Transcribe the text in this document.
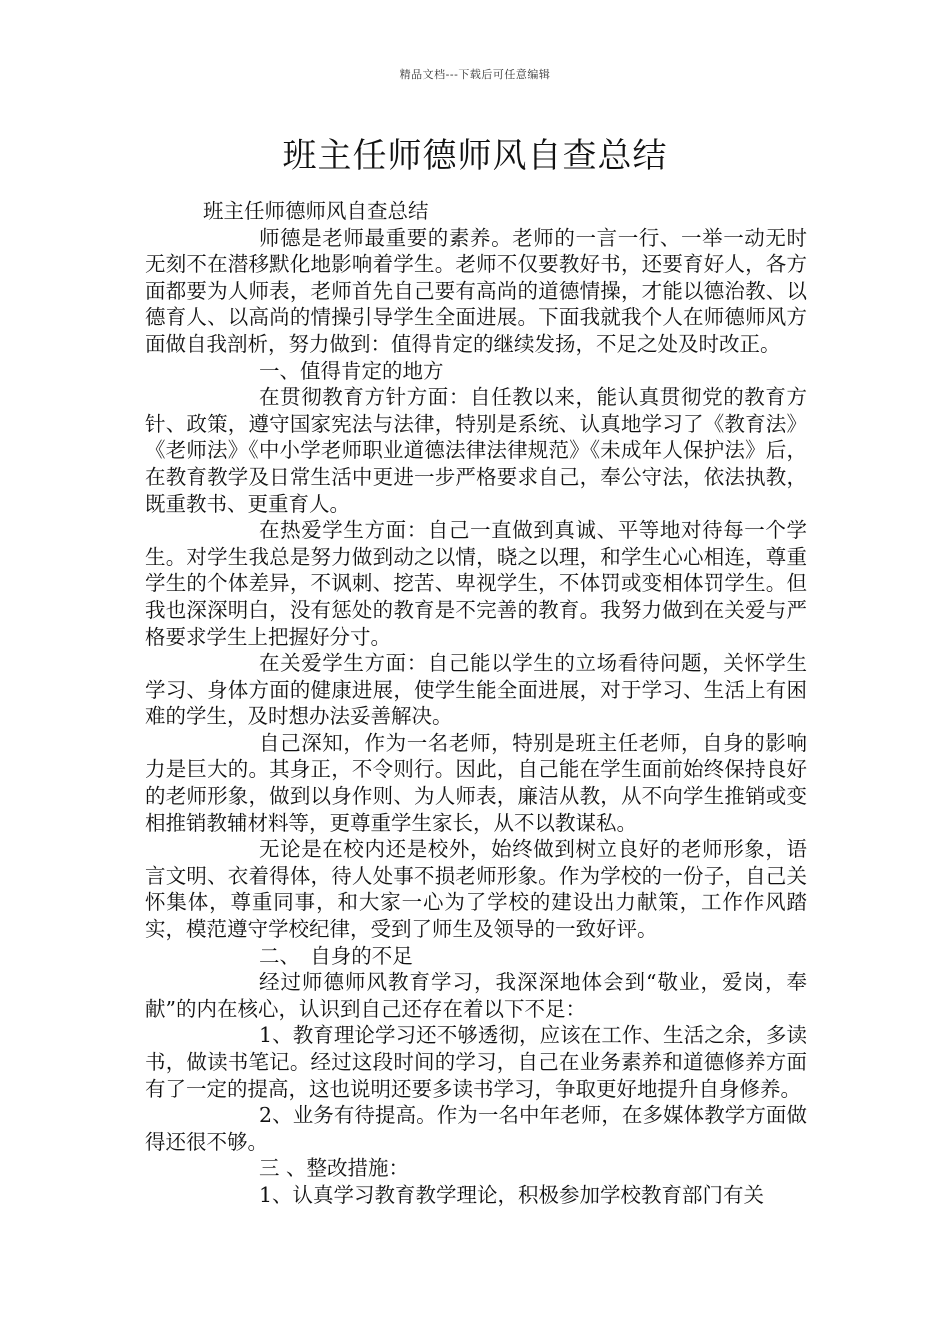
精品文档---下载后可任意编辑
班主任师德师风自查总结

班主任师德师风自查总结

师德是老师最重要的素养。老师的一言一行、一举一动无时无刻不在潜移默化地影响着学生。老师不仅要教好书，还要育好人，各方面都要为人师表，老师首先自己要有高尚的道德情操，才能以德治教、以德育人、以高尚的情操引导学生全面进展。下面我就我个人在师德师风方面做自我剖析，努力做到：值得肯定的继续发扬，不足之处及时改正。

一、值得肯定的地方

在贯彻教育方针方面：自任教以来，能认真贯彻党的教育方针、政策，遵守国家宪法与法律，特别是系统、认真地学习了《教育法》《老师法》《中小学老师职业道德法律法律规范》《未成年人保护法》后，在教育教学及日常生活中更进一步严格要求自己，奉公守法，依法执教，既重教书、更重育人。

在热爱学生方面：自己一直做到真诚、平等地对待每一个学生。对学生我总是努力做到动之以情，晓之以理，和学生心心相连，尊重学生的个体差异，不讽刺、挖苦、卑视学生，不体罚或变相体罚学生。但我也深深明白，没有惩处的教育是不完善的教育。我努力做到在关爱与严格要求学生上把握好分寸。

在关爱学生方面：自己能以学生的立场看待问题，关怀学生学习、身体方面的健康进展，使学生能全面进展，对于学习、生活上有困难的学生，及时想办法妥善解决。

自己深知，作为一名老师，特别是班主任老师，自身的影响力是巨大的。其身正，不令则行。因此，自己能在学生面前始终保持良好的老师形象，做到以身作则、为人师表，廉洁从教，从不向学生推销或变相推销教辅材料等，更尊重学生家长，从不以教谋私。

无论是在校内还是校外，始终做到树立良好的老师形象，语言文明、衣着得体，待人处事不损老师形象。作为学校的一份子，自己关怀集体，尊重同事，和大家一心为了学校的建设出力献策，工作作风踏实，模范遵守学校纪律，受到了师生及领导的一致好评。

二、　自身的不足

经过师德师风教育学习，我深深地体会到“敬业，爱岗，奉献”的内在核心，认识到自己还存在着以下不足：

1、教育理论学习还不够透彻，应该在工作、生活之余，多读书，做读书笔记。经过这段时间的学习，自己在业务素养和道德修养方面有了一定的提高，这也说明还要多读书学习，争取更好地提升自身修养。

2、业务有待提高。作为一名中年老师，在多媒体教学方面做得还很不够。

三 、整改措施：

1、认真学习教育教学理论，积极参加学校教育部门有关
